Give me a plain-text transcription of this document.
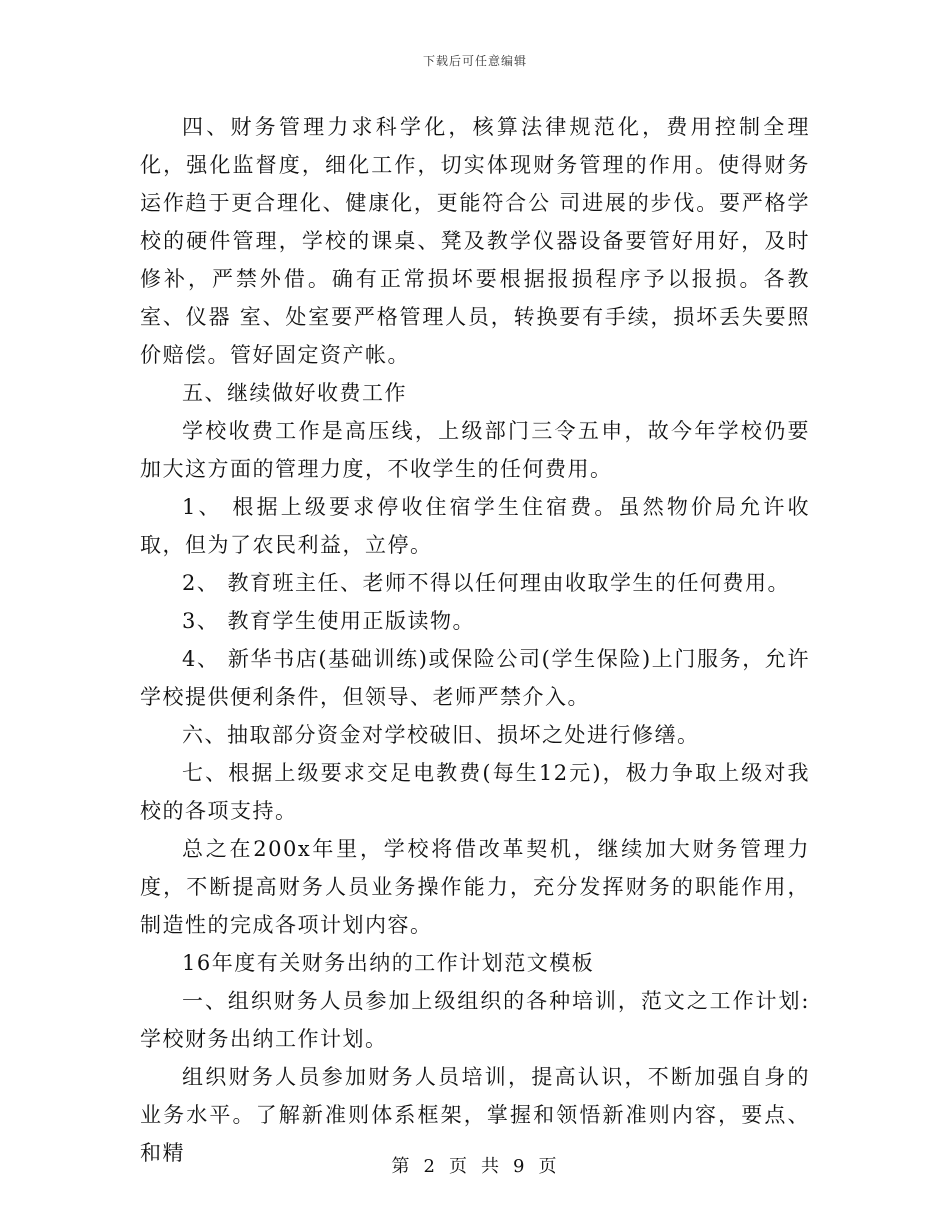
下载后可任意编辑

四、财务管理力求科学化，核算法律规范化，费用控制全理化，强化监督度，细化工作，切实体现财务管理的作用。使得财务运作趋于更合理化、健康化，更能符合公 司进展的步伐。要严格学校的硬件管理，学校的课桌、凳及教学仪器设备要管好用好，及时修补，严禁外借。确有正常损坏要根据报损程序予以报损。各教室、仪器 室、处室要严格管理人员，转换要有手续，损坏丢失要照价赔偿。管好固定资产帐。

五、继续做好收费工作

学校收费工作是高压线，上级部门三令五申，故今年学校仍要加大这方面的管理力度，不收学生的任何费用。

1、 根据上级要求停收住宿学生住宿费。虽然物价局允许收取，但为了农民利益，立停。

2、 教育班主任、老师不得以任何理由收取学生的任何费用。

3、 教育学生使用正版读物。

4、 新华书店(基础训练)或保险公司(学生保险)上门服务，允许学校提供便利条件，但领导、老师严禁介入。

六、抽取部分资金对学校破旧、损坏之处进行修缮。

七、根据上级要求交足电教费(每生12元)，极力争取上级对我校的各项支持。

总之在200x年里，学校将借改革契机，继续加大财务管理力度，不断提高财务人员业务操作能力，充分发挥财务的职能作用，制造性的完成各项计划内容。

16年度有关财务出纳的工作计划范文模板

一、组织财务人员参加上级组织的各种培训，范文之工作计划:学校财务出纳工作计划。

组织财务人员参加财务人员培训，提高认识，不断加强自身的业务水平。了解新准则体系框架，掌握和领悟新准则内容，要点、和精

第 2 页 共 9 页
